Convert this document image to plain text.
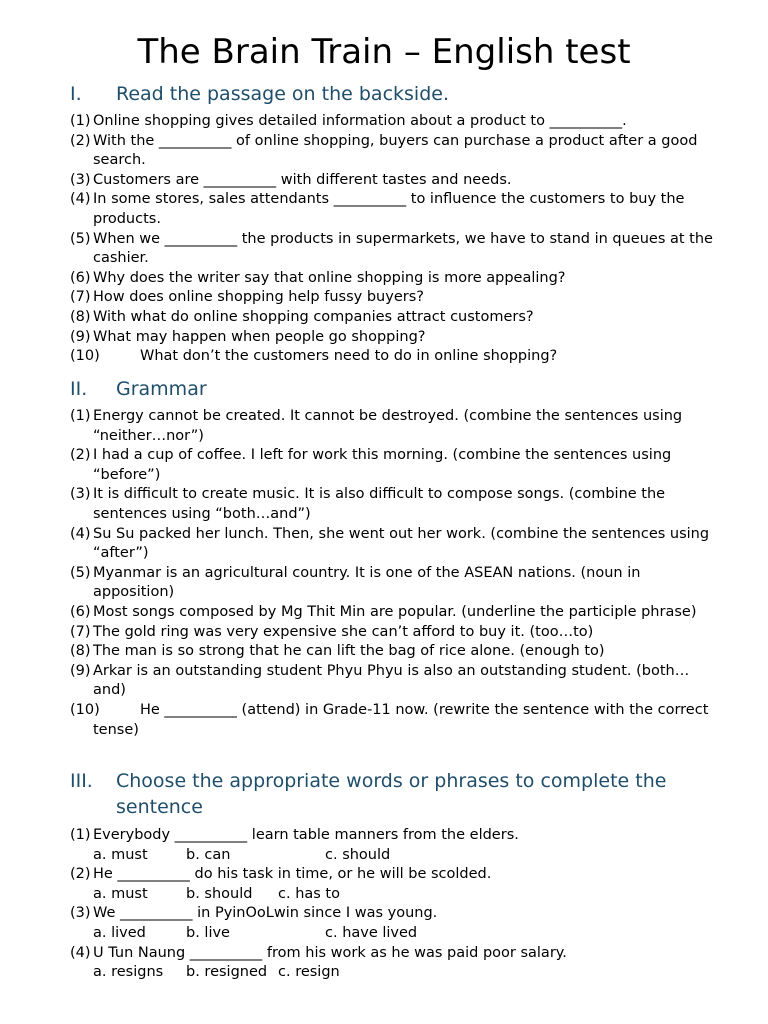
The Brain Train – English test
I. Read the passage on the backside.
(1) Online shopping gives detailed information about a product to __________.
(2) With the __________ of online shopping, buyers can purchase a product after a good search.
(3) Customers are __________ with different tastes and needs.
(4) In some stores, sales attendants __________ to influence the customers to buy the products.
(5) When we __________ the products in supermarkets, we have to stand in queues at the cashier.
(6) Why does the writer say that online shopping is more appealing?
(7) How does online shopping help fussy buyers?
(8) With what do online shopping companies attract customers?
(9) What may happen when people go shopping?
(10)	What don’t the customers need to do in online shopping?
II. Grammar
(1) Energy cannot be created. It cannot be destroyed. (combine the sentences using “neither…nor”)
(2) I had a cup of coffee. I left for work this morning. (combine the sentences using “before”)
(3) It is difficult to create music. It is also difficult to compose songs. (combine the sentences using “both…and”)
(4) Su Su packed her lunch. Then, she went out her work. (combine the sentences using “after”)
(5) Myanmar is an agricultural country. It is one of the ASEAN nations. (noun in apposition)
(6) Most songs composed by Mg Thit Min are popular. (underline the participle phrase)
(7) The gold ring was very expensive she can’t afford to buy it. (too…to)
(8) The man is so strong that he can lift the bag of rice alone. (enough to)
(9) Arkar is an outstanding student Phyu Phyu is also an outstanding student. (both…and)
(10)	He __________ (attend) in Grade-11 now. (rewrite the sentence with the correct tense)
III. Choose the appropriate words or phrases to complete the sentence
(1) Everybody __________ learn table manners from the elders.
a. must	b. can	c. should
(2) He __________ do his task in time, or he will be scolded.
a. must	b. should c. has to
(3) We __________ in PyinOoLwin since I was young.
a. lived	b. live	c. have lived
(4) U Tun Naung __________ from his work as he was paid poor salary.
a. resigns b. resigned c. resign
